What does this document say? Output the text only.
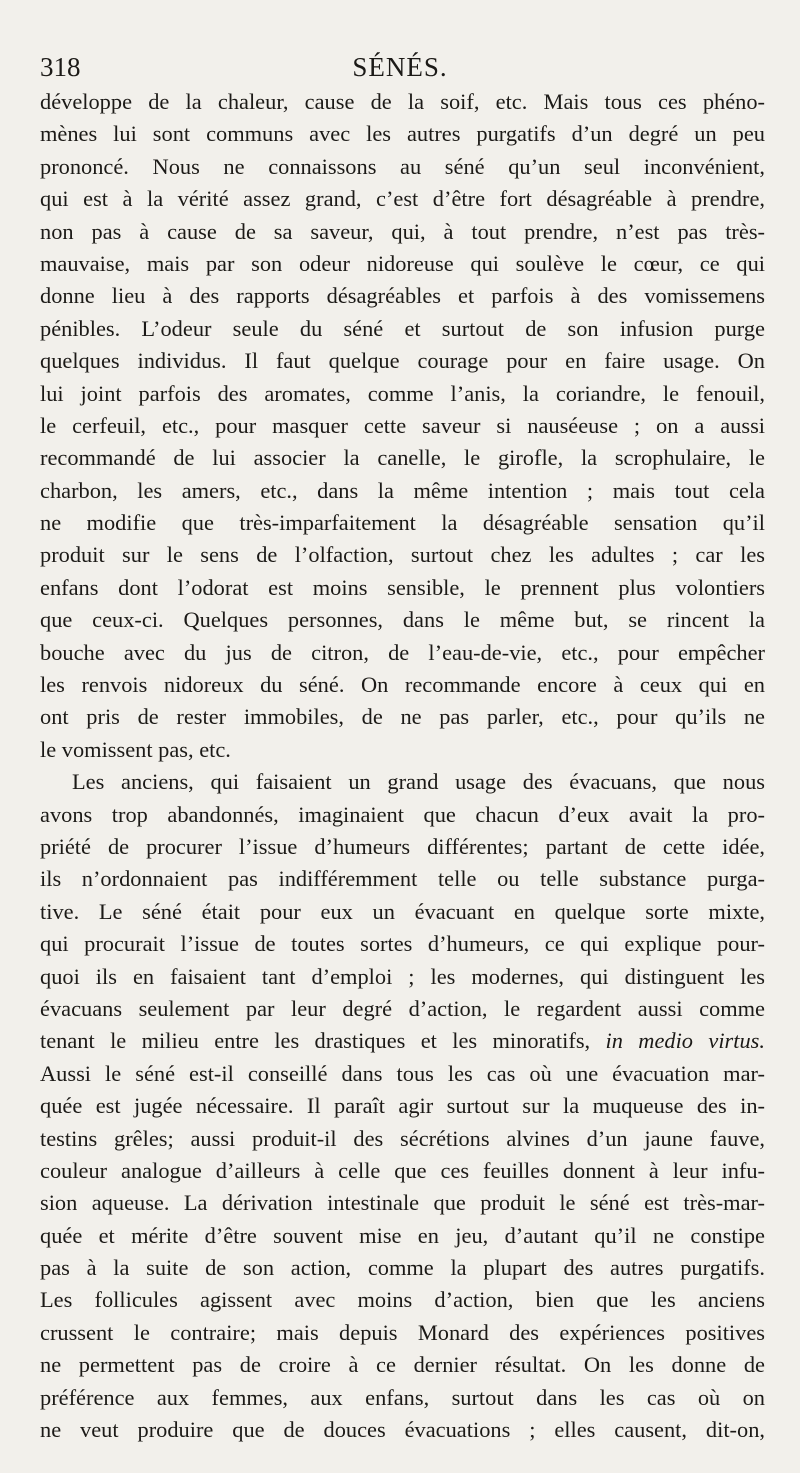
318	SÉNÉS.
développe de la chaleur, cause de la soif, etc. Mais tous ces phéno-
mènes lui sont communs avec les autres purgatifs d’un degré un peu
prononcé. Nous ne connaissons au séné qu’un seul inconvénient,
qui est à la vérité assez grand, c’est d’être fort désagréable à prendre,
non pas à cause de sa saveur, qui, à tout prendre, n’est pas très-
mauvaise, mais par son odeur nidoreuse qui soulève le cœur, ce qui
donne lieu à des rapports désagréables et parfois à des vomissemens
pénibles. L’odeur seule du séné et surtout de son infusion purge
quelques individus. Il faut quelque courage pour en faire usage. On
lui joint parfois des aromates, comme l’anis, la coriandre, le fenouil,
le cerfeuil, etc., pour masquer cette saveur si nauséeuse ; on a aussi
recommandé de lui associer la canelle, le girofle, la scrophulaire, le
charbon, les amers, etc., dans la même intention ; mais tout cela
ne modifie que très-imparfaitement la désagréable sensation qu’il
produit sur le sens de l’olfaction, surtout chez les adultes ; car les
enfans dont l’odorat est moins sensible, le prennent plus volontiers
que ceux-ci. Quelques personnes, dans le même but, se rincent la
bouche avec du jus de citron, de l’eau-de-vie, etc., pour empêcher
les renvois nidoreux du séné. On recommande encore à ceux qui en
ont pris de rester immobiles, de ne pas parler, etc., pour qu’ils ne
le vomissent pas, etc.
Les anciens, qui faisaient un grand usage des évacuans, que nous
avons trop abandonnés, imaginaient que chacun d’eux avait la pro-
priété de procurer l’issue d’humeurs différentes; partant de cette idée,
ils n’ordonnaient pas indifféremment telle ou telle substance purga-
tive. Le séné était pour eux un évacuant en quelque sorte mixte,
qui procurait l’issue de toutes sortes d’humeurs, ce qui explique pour-
quoi ils en faisaient tant d’emploi ; les modernes, qui distinguent les
évacuans seulement par leur degré d’action, le regardent aussi comme
tenant le milieu entre les drastiques et les minoratifs, in medio virtus.
Aussi le séné est-il conseillé dans tous les cas où une évacuation mar-
quée est jugée nécessaire. Il paraît agir surtout sur la muqueuse des in-
testins grêles; aussi produit-il des sécrétions alvines d’un jaune fauve,
couleur analogue d’ailleurs à celle que ces feuilles donnent à leur infu-
sion aqueuse. La dérivation intestinale que produit le séné est très-mar-
quée et mérite d’être souvent mise en jeu, d’autant qu’il ne constipe
pas à la suite de son action, comme la plupart des autres purgatifs.
Les follicules agissent avec moins d’action, bien que les anciens
crussent le contraire; mais depuis Monard des expériences positives
ne permettent pas de croire à ce dernier résultat. On les donne de
préférence aux femmes, aux enfans, surtout dans les cas où on
ne veut produire que de douces évacuations ; elles causent, dit-on,
